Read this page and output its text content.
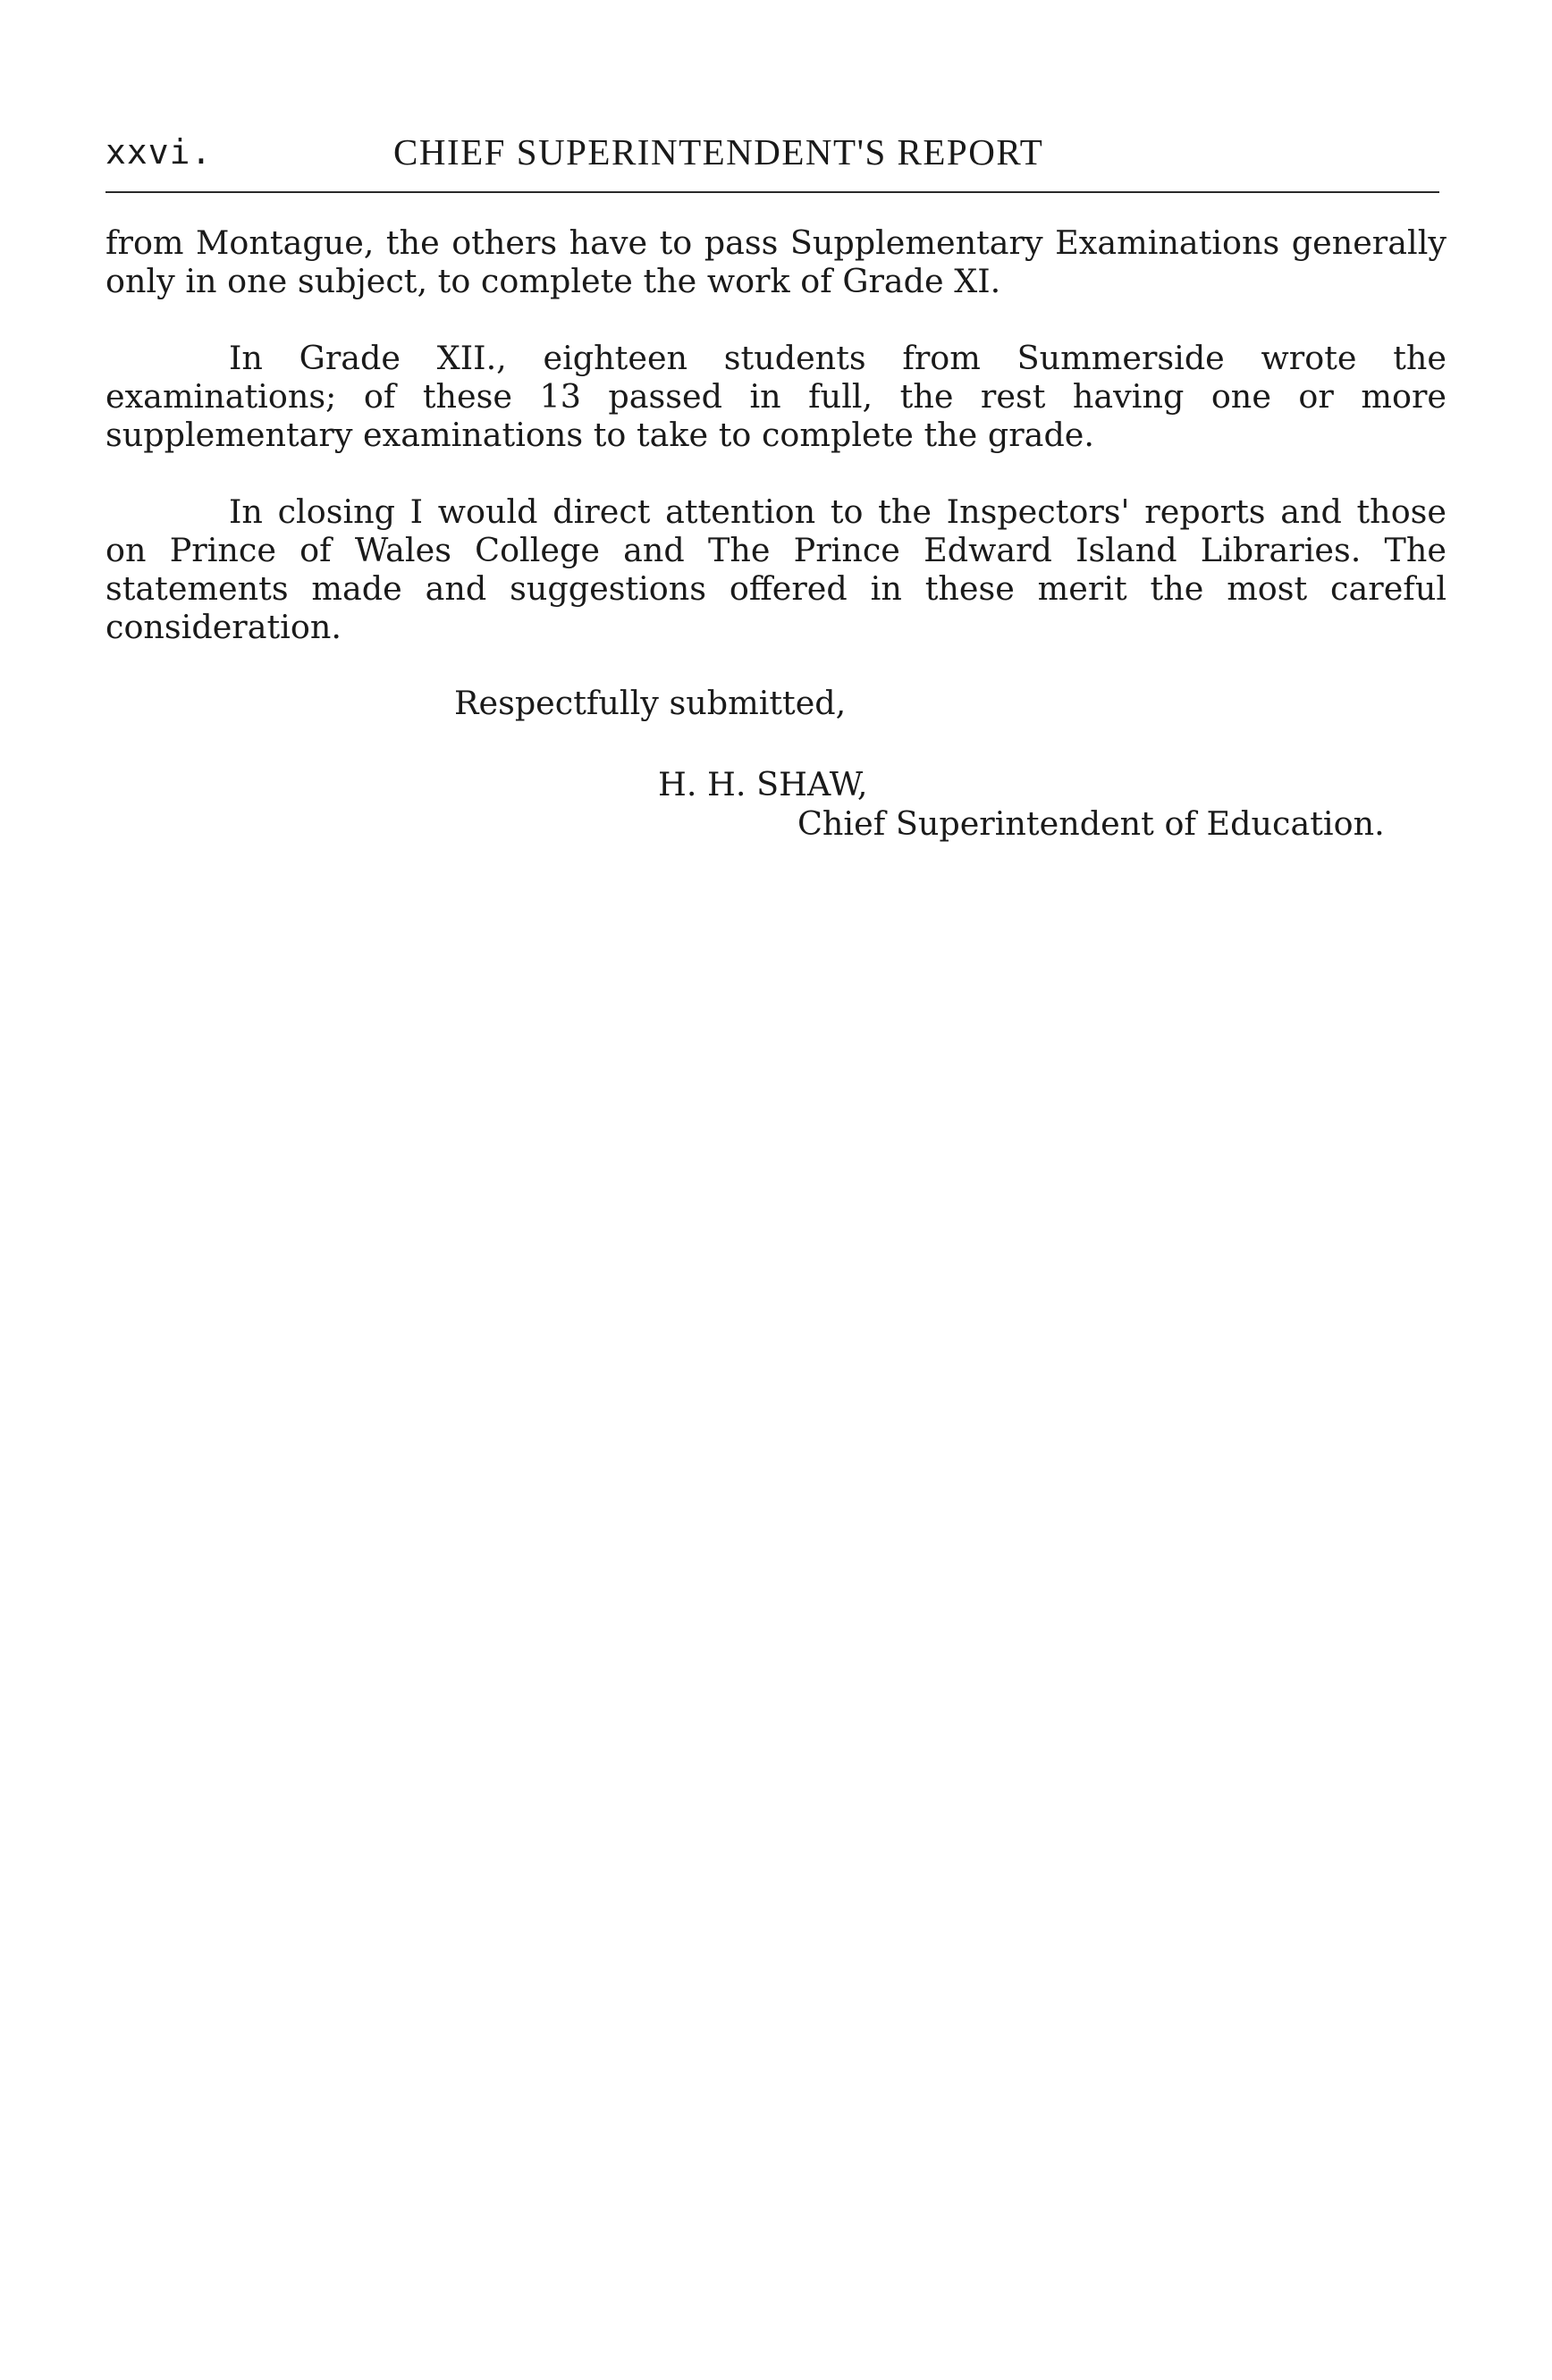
xxvi.	CHIEF SUPERINTENDENT'S REPORT

from Montague, the others have to pass Supplementary Examinations generally only in one subject, to complete the work of Grade XI.

In Grade XII., eighteen students from Summerside wrote the examinations; of these 13 passed in full, the rest having one or more supplementary examinations to take to complete the grade.

In closing I would direct attention to the Inspectors' reports and those on Prince of Wales College and The Prince Edward Island Libraries. The statements made and suggestions offered in these merit the most careful consideration.

Respectfully submitted,
H. H. SHAW,
Chief Superintendent of Education.
